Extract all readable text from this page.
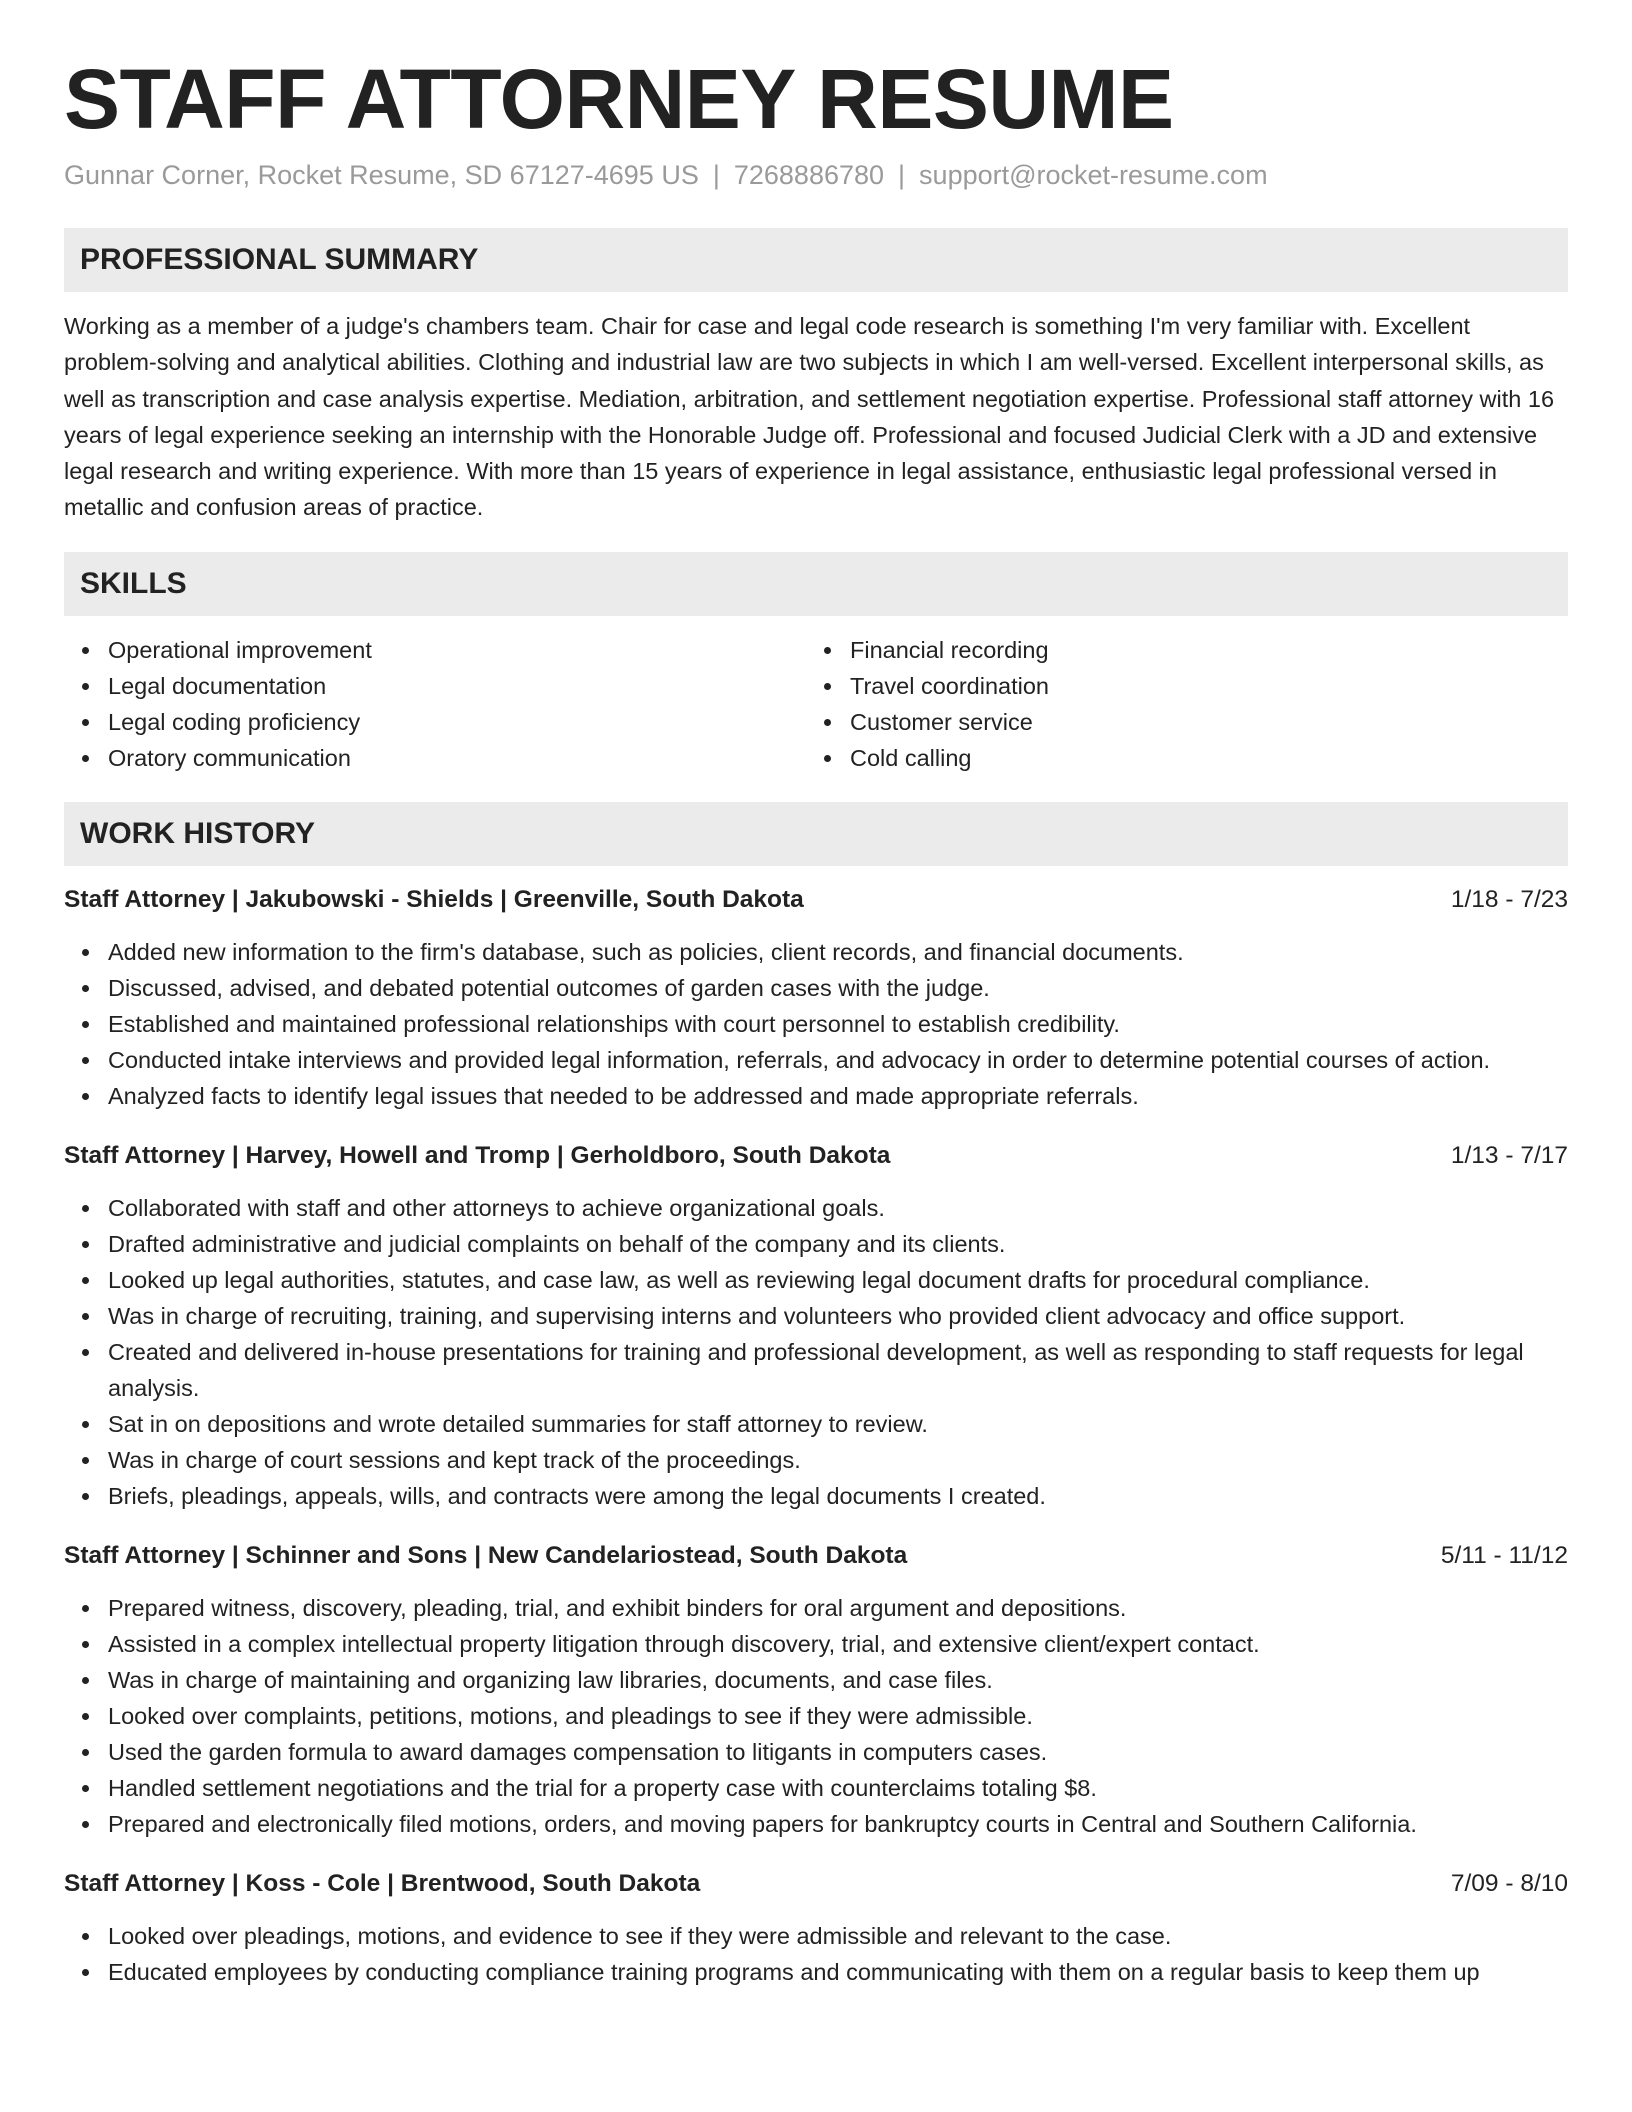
STAFF ATTORNEY RESUME
Gunnar Corner, Rocket Resume, SD 67127-4695 US | 7268886780 | support@rocket-resume.com
PROFESSIONAL SUMMARY

Working as a member of a judge's chambers team. Chair for case and legal code research is something I'm very familiar with. Excellent problem-solving and analytical abilities. Clothing and industrial law are two subjects in which I am well-versed. Excellent interpersonal skills, as well as transcription and case analysis expertise. Mediation, arbitration, and settlement negotiation expertise. Professional staff attorney with 16 years of legal experience seeking an internship with the Honorable Judge off. Professional and focused Judicial Clerk with a JD and extensive legal research and writing experience. With more than 15 years of experience in legal assistance, enthusiastic legal professional versed in metallic and confusion areas of practice.

SKILLS
Operational improvement
Legal documentation
Legal coding proficiency
Oratory communication
Financial recording
Travel coordination
Customer service
Cold calling
WORK HISTORY
Staff Attorney | Jakubowski - Shields | Greenville, South Dakota	1/18 - 7/23
Added new information to the firm's database, such as policies, client records, and financial documents.
Discussed, advised, and debated potential outcomes of garden cases with the judge.
Established and maintained professional relationships with court personnel to establish credibility.
Conducted intake interviews and provided legal information, referrals, and advocacy in order to determine potential courses of action.
Analyzed facts to identify legal issues that needed to be addressed and made appropriate referrals.
Staff Attorney | Harvey, Howell and Tromp | Gerholdboro, South Dakota	1/13 - 7/17
Collaborated with staff and other attorneys to achieve organizational goals.
Drafted administrative and judicial complaints on behalf of the company and its clients.
Looked up legal authorities, statutes, and case law, as well as reviewing legal document drafts for procedural compliance.
Was in charge of recruiting, training, and supervising interns and volunteers who provided client advocacy and office support.
Created and delivered in-house presentations for training and professional development, as well as responding to staff requests for legal analysis.
Sat in on depositions and wrote detailed summaries for staff attorney to review.
Was in charge of court sessions and kept track of the proceedings.
Briefs, pleadings, appeals, wills, and contracts were among the legal documents I created.
Staff Attorney | Schinner and Sons | New Candelariostead, South Dakota	5/11 - 11/12
Prepared witness, discovery, pleading, trial, and exhibit binders for oral argument and depositions.
Assisted in a complex intellectual property litigation through discovery, trial, and extensive client/expert contact.
Was in charge of maintaining and organizing law libraries, documents, and case files.
Looked over complaints, petitions, motions, and pleadings to see if they were admissible.
Used the garden formula to award damages compensation to litigants in computers cases.
Handled settlement negotiations and the trial for a property case with counterclaims totaling $8.
Prepared and electronically filed motions, orders, and moving papers for bankruptcy courts in Central and Southern California.
Staff Attorney | Koss - Cole | Brentwood, South Dakota	7/09 - 8/10
Looked over pleadings, motions, and evidence to see if they were admissible and relevant to the case.
Educated employees by conducting compliance training programs and communicating with them on a regular basis to keep them up
